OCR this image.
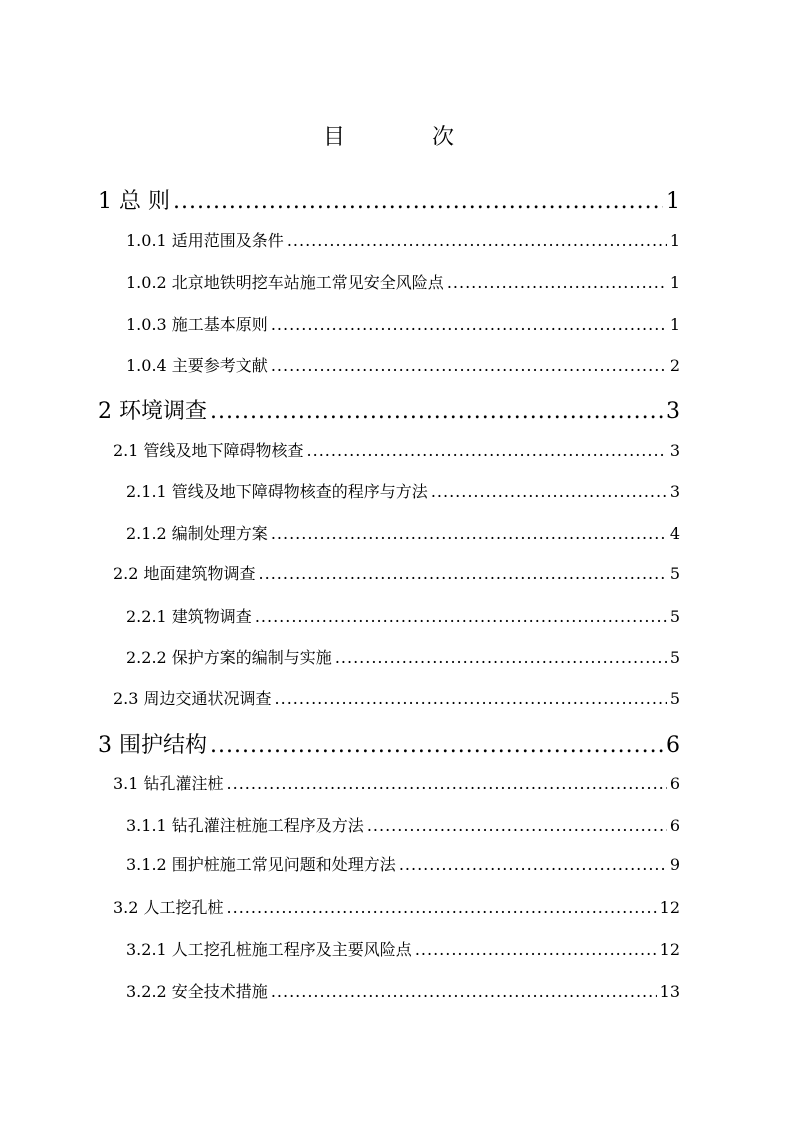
目	次
1 总 则 .....	1
1.0.1 适用范围及条件 .....	1
1.0.2 北京地铁明挖车站施工常见安全风险点 .....	1
1.0.3 施工基本原则 .....	1
1.0.4 主要参考文献 .....	2
2 环境调查 .....	3
2.1 管线及地下障碍物核查 .....	3
2.1.1 管线及地下障碍物核查的程序与方法 .....	3
2.1.2 编制处理方案 .....	4
2.2 地面建筑物调查 .....	5
2.2.1 建筑物调查 .....	5
2.2.2 保护方案的编制与实施 .....	5
2.3 周边交通状况调查 .....	5
3 围护结构 .....	6
3.1 钻孔灌注桩 .....	6
3.1.1 钻孔灌注桩施工程序及方法 .....	6
3.1.2 围护桩施工常见问题和处理方法 .....	9
3.2 人工挖孔桩 .....	12
3.2.1 人工挖孔桩施工程序及主要风险点 .....	12
3.2.2 安全技术措施 .....	13
